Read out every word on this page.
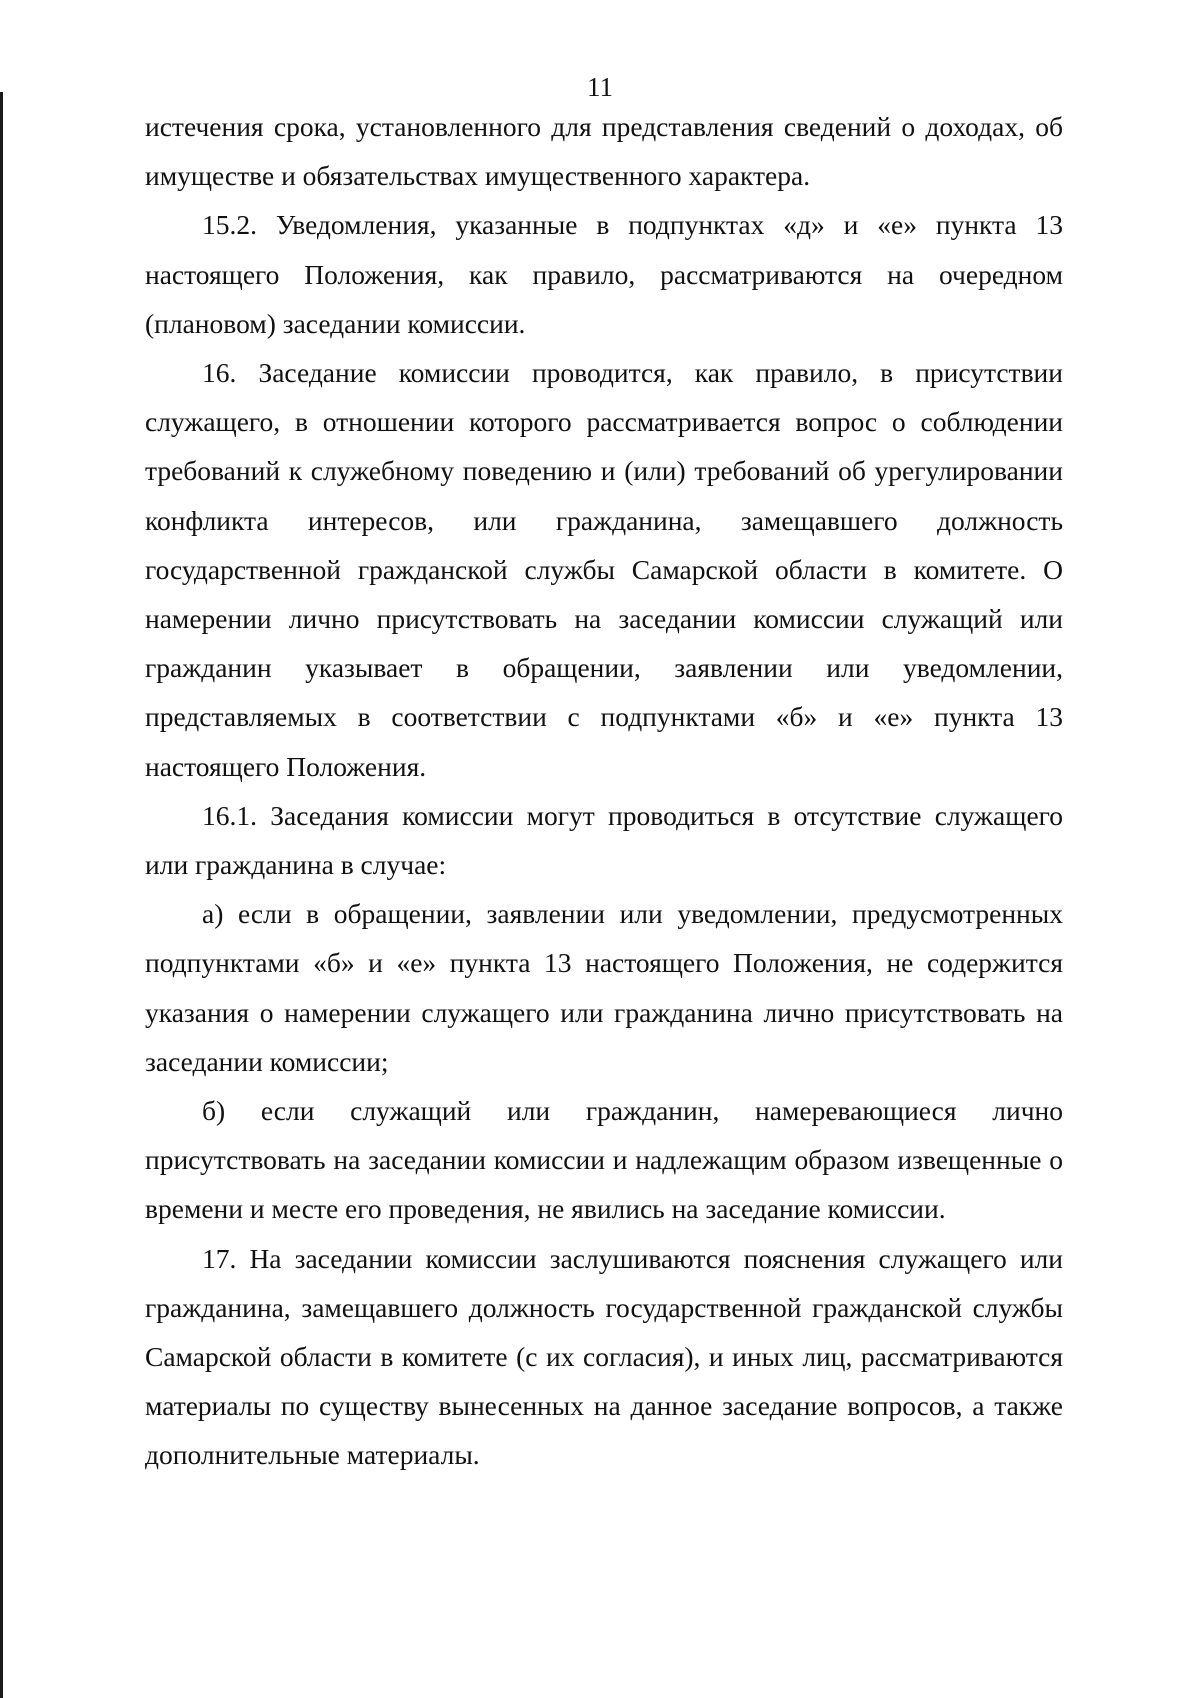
11

истечения срока, установленного для представления сведений о доходах, об имуществе и обязательствах имущественного характера.

15.2. Уведомления, указанные в подпунктах «д» и «е» пункта 13 настоящего Положения, как правило, рассматриваются на очередном (плановом) заседании комиссии.

16. Заседание комиссии проводится, как правило, в присутствии служащего, в отношении которого рассматривается вопрос о соблюдении требований к служебному поведению и (или) требований об урегулировании конфликта интересов, или гражданина, замещавшего должность государственной гражданской службы Самарской области в комитете. О намерении лично присутствовать на заседании комиссии служащий или гражданин указывает в обращении, заявлении или уведомлении, представляемых в соответствии с подпунктами «б» и «е» пункта 13 настоящего Положения.

16.1. Заседания комиссии могут проводиться в отсутствие служащего или гражданина в случае:

а) если в обращении, заявлении или уведомлении, предусмотренных подпунктами «б» и «е» пункта 13 настоящего Положения, не содержится указания о намерении служащего или гражданина лично присутствовать на заседании комиссии;

б) если служащий или гражданин, намеревающиеся лично присутствовать на заседании комиссии и надлежащим образом извещенные о времени и месте его проведения, не явились на заседание комиссии.

17. На заседании комиссии заслушиваются пояснения служащего или гражданина, замещавшего должность государственной гражданской службы Самарской области в комитете (с их согласия), и иных лиц, рассматриваются материалы по существу вынесенных на данное заседание вопросов, а также дополнительные материалы.
